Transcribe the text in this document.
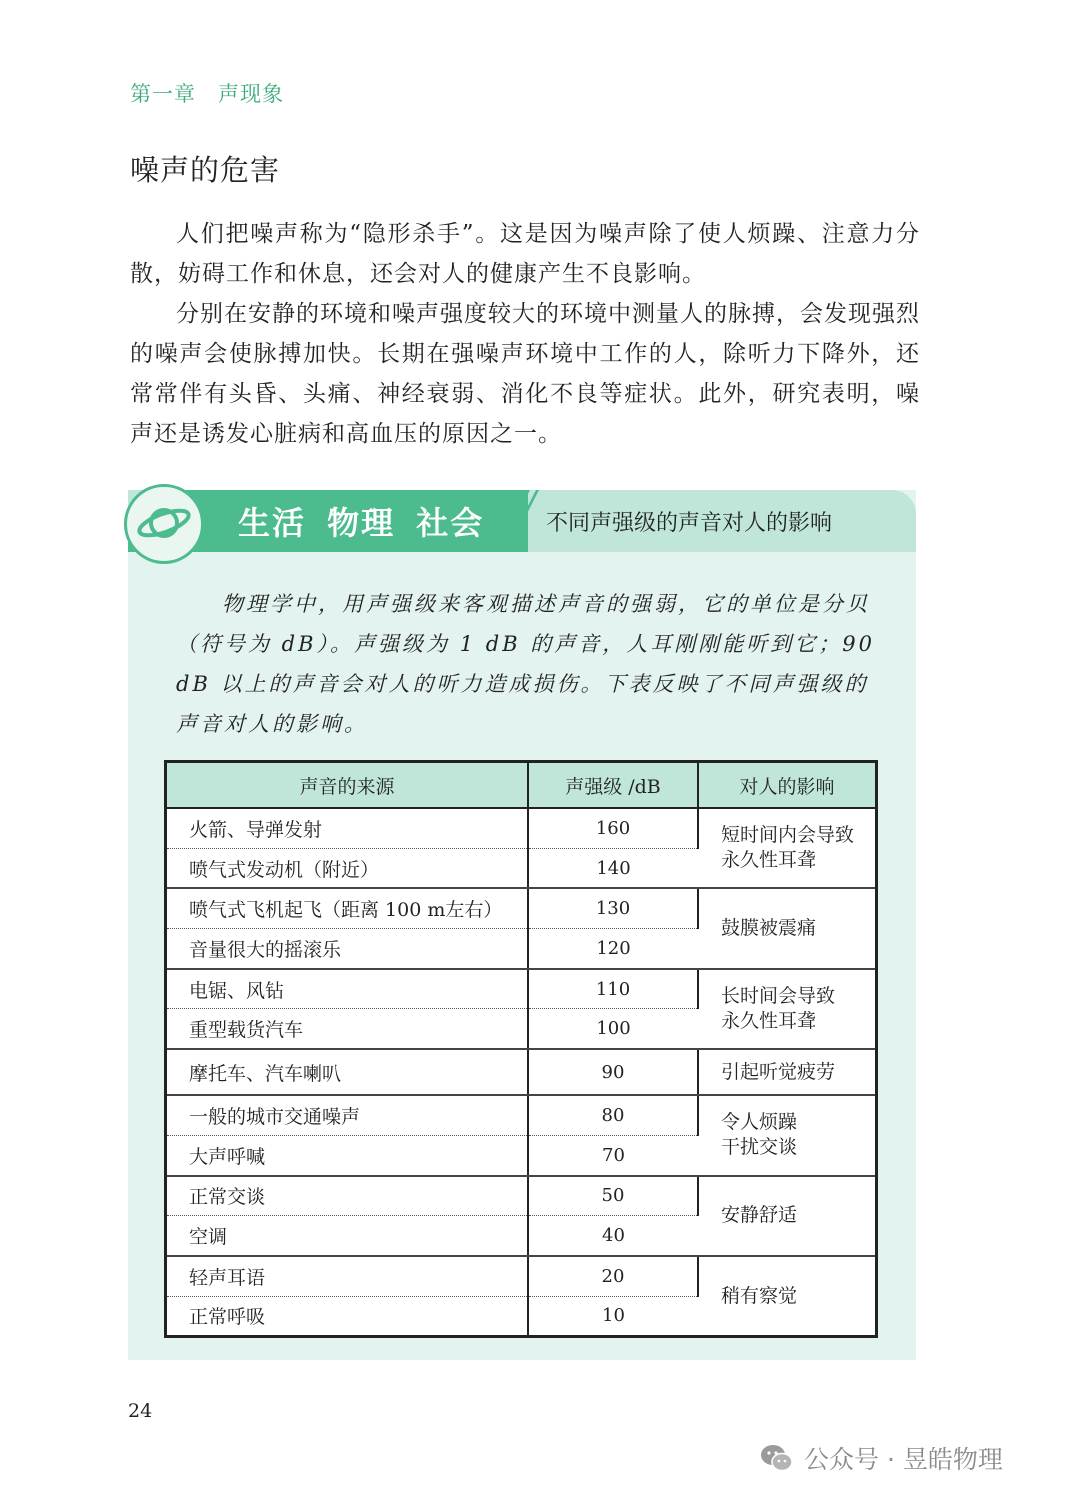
第一章 声现象
噪声的危害

人们把噪声称为“隐形杀手”。这是因为噪声除了使人烦躁、注意力分散，妨碍工作和休息，还会对人的健康产生不良影响。

分别在安静的环境和噪声强度较大的环境中测量人的脉搏，会发现强烈的噪声会使脉搏加快。长期在强噪声环境中工作的人，除听力下降外，还常常伴有头昏、头痛、神经衰弱、消化不良等症状。此外，研究表明，噪声还是诱发心脏病和高血压的原因之一。

生活 物理 社会	不同声强级的声音对人的影响

物理学中，用声强级来客观描述声音的强弱，它的单位是分贝（符号为 dB）。声强级为 1 dB 的声音，人耳刚刚能听到它；90 dB 以上的声音会对人的听力造成损伤。下表反映了不同声强级的声音对人的影响。

声音的来源	声强级 /dB	对人的影响
火箭、导弹发射	160	短时间内会导致
永久性耳聋
喷气式发动机（附近）	140	
喷气式飞机起飞（距离 100 m左右）	130	鼓膜被震痛
音量很大的摇滚乐	120	
电锯、风钻	110	长时间会导致
永久性耳聋
重型载货汽车	100	
摩托车、汽车喇叭	90	引起听觉疲劳
一般的城市交通噪声	80	令人烦躁
干扰交谈
大声呼喊	70	
正常交谈	50	安静舒适
空调	40	
轻声耳语	20	稍有察觉
正常呼吸	10	
24
公众号 · 昱皓物理
